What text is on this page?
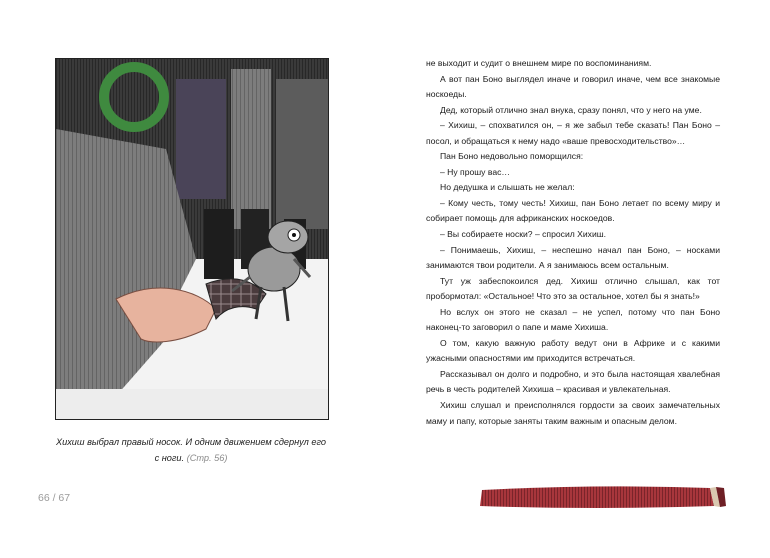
Хихиш выбрал правый носок. И одним движением сдернул его с ноги. (Стр. 56)
66 / 67

не выходит и судит о внешнем мире по воспоминаниям.

А вот пан Боно выглядел иначе и говорил иначе, чем все знакомые носкоеды.

Дед, который отлично знал внука, сразу понял, что у него на уме.

– Хихиш, – спохватился он, – я же забыл тебе сказать! Пан Боно – посол, и обращаться к нему надо «ваше превосходительство»…

Пан Боно недовольно поморщился:

– Ну прошу вас…

Но дедушка и слышать не желал:

– Кому честь, тому честь! Хихиш, пан Боно летает по всему миру и собирает помощь для африканских носкоедов.

– Вы собираете носки? – спросил Хихиш.

– Понимаешь, Хихиш, – неспешно начал пан Боно, – носками занимаются твои родители. А я занимаюсь всем остальным.

Тут уж забеспокоился дед. Хихиш отлично слышал, как тот пробормотал: «Остальное! Что это за остальное, хотел бы я знать!»

Но вслух он этого не сказал – не успел, потому что пан Боно наконец-то заговорил о папе и маме Хихиша.

О том, какую важную работу ведут они в Африке и с какими ужасными опасностями им приходится встречаться.

Рассказывал он долго и подробно, и это была настоящая хвалебная речь в честь родителей Хихиша – красивая и увлекательная.

Хихиш слушал и преисполнялся гордости за своих замечательных маму и папу, которые заняты таким важным и опасным делом.
